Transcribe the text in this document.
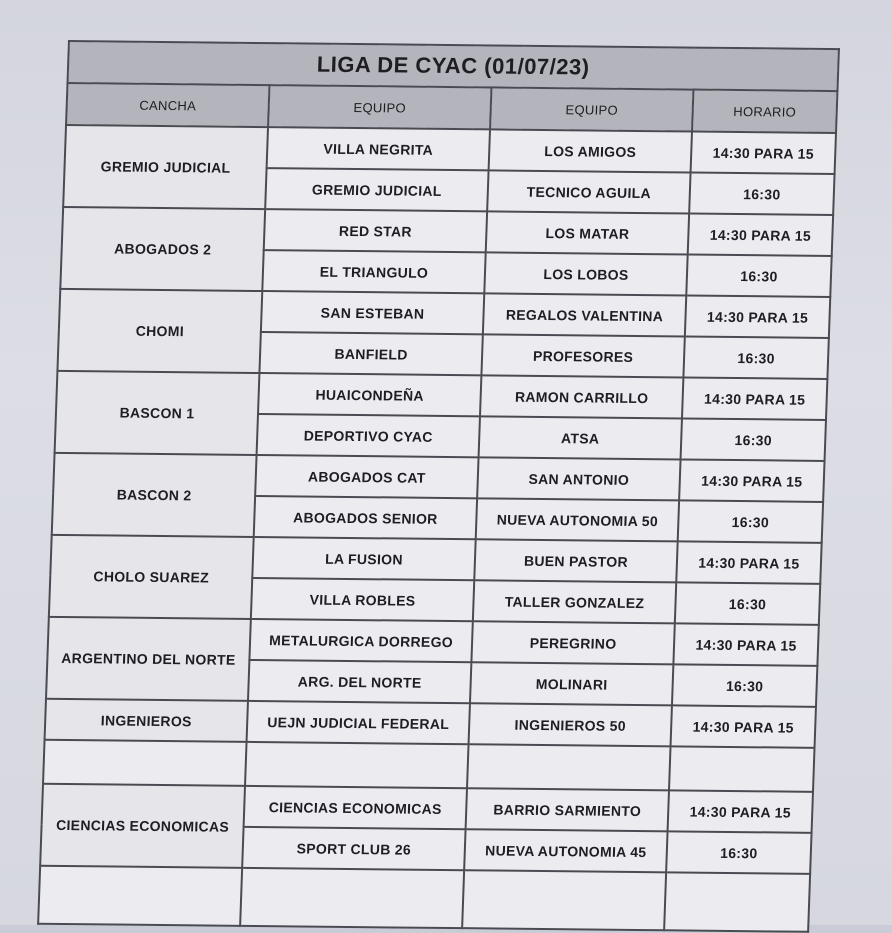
LIGA DE CYAC (01/07/23)			
CANCHA	EQUIPO	EQUIPO	HORARIO
GREMIO JUDICIAL	VILLA NEGRITA	LOS AMIGOS	14:30 PARA 15
	GREMIO JUDICIAL	TECNICO AGUILA	16:30
ABOGADOS 2	RED STAR	LOS MATAR	14:30 PARA 15
	EL TRIANGULO	LOS LOBOS	16:30
CHOMI	SAN ESTEBAN	REGALOS VALENTINA	14:30 PARA 15
	BANFIELD	PROFESORES	16:30
BASCON 1	HUAICONDEÑA	RAMON CARRILLO	14:30 PARA 15
	DEPORTIVO CYAC	ATSA	16:30
BASCON 2	ABOGADOS CAT	SAN ANTONIO	14:30 PARA 15
	ABOGADOS SENIOR	NUEVA AUTONOMIA 50	16:30
CHOLO SUAREZ	LA FUSION	BUEN PASTOR	14:30 PARA 15
	VILLA ROBLES	TALLER GONZALEZ	16:30
ARGENTINO DEL NORTE	METALURGICA DORREGO	PEREGRINO	14:30 PARA 15
	ARG. DEL NORTE	MOLINARI	16:30
INGENIEROS	UEJN JUDICIAL FEDERAL	INGENIEROS 50	14:30 PARA 15

CIENCIAS ECONOMICAS	CIENCIAS ECONOMICAS	BARRIO SARMIENTO	14:30 PARA 15
	SPORT CLUB 26	NUEVA AUTONOMIA 45	16:30
